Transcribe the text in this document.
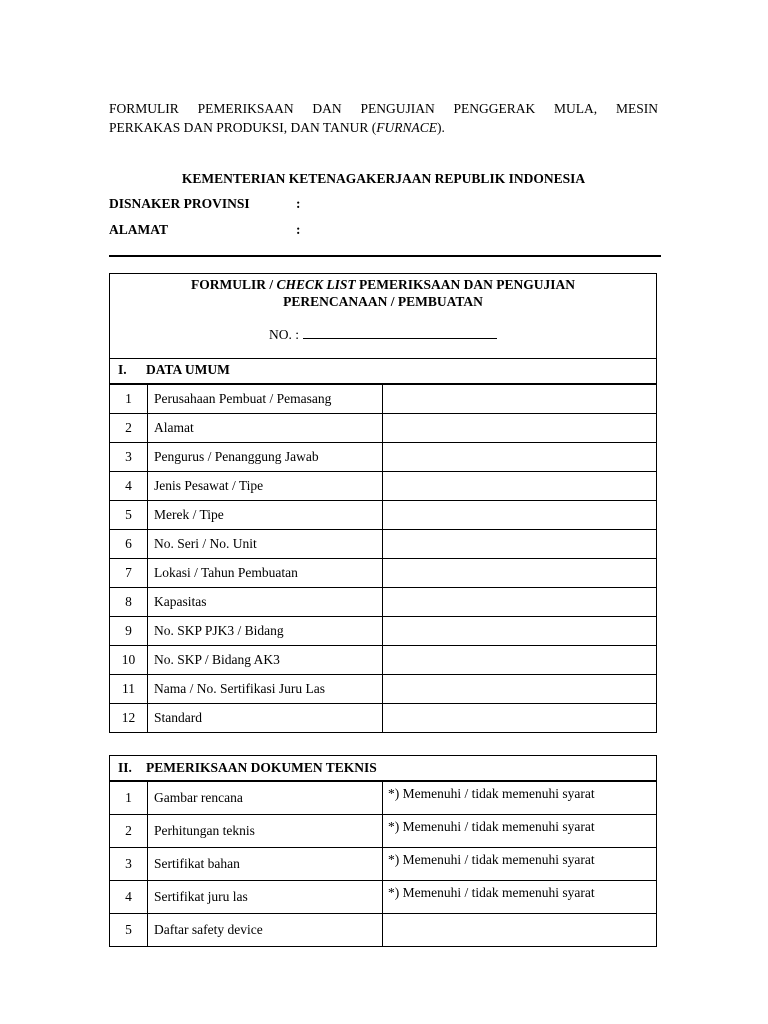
FORMULIR PEMERIKSAAN DAN PENGUJIAN PENGGERAK MULA, MESIN
PERKAKAS DAN PRODUKSI, DAN TANUR (FURNACE).
KEMENTERIAN KETENAGAKERJAAN REPUBLIK INDONESIA
DISNAKER PROVINSI	:
ALAMAT	:
FORMULIR / CHECK LIST PEMERIKSAAN DAN PENGUJIAN
PERENCANAAN / PEMBUATAN
NO. :
I. DATA UMUM
1	Perusahaan Pembuat / Pemasang	
2	Alamat	
3	Pengurus / Penanggung Jawab	
4	Jenis Pesawat / Tipe	
5	Merek / Tipe	
6	No. Seri / No. Unit	
7	Lokasi / Tahun Pembuatan	
8	Kapasitas	
9	No. SKP PJK3 / Bidang	
10	No. SKP / Bidang AK3	
11	Nama / No. Sertifikasi Juru Las	
12	Standard	
II. PEMERIKSAAN DOKUMEN TEKNIS
1	Gambar rencana	*) Memenuhi / tidak memenuhi syarat
2	Perhitungan teknis	*) Memenuhi / tidak memenuhi syarat
3	Sertifikat bahan	*) Memenuhi / tidak memenuhi syarat
4	Sertifikat juru las	*) Memenuhi / tidak memenuhi syarat
5	Daftar safety device	
